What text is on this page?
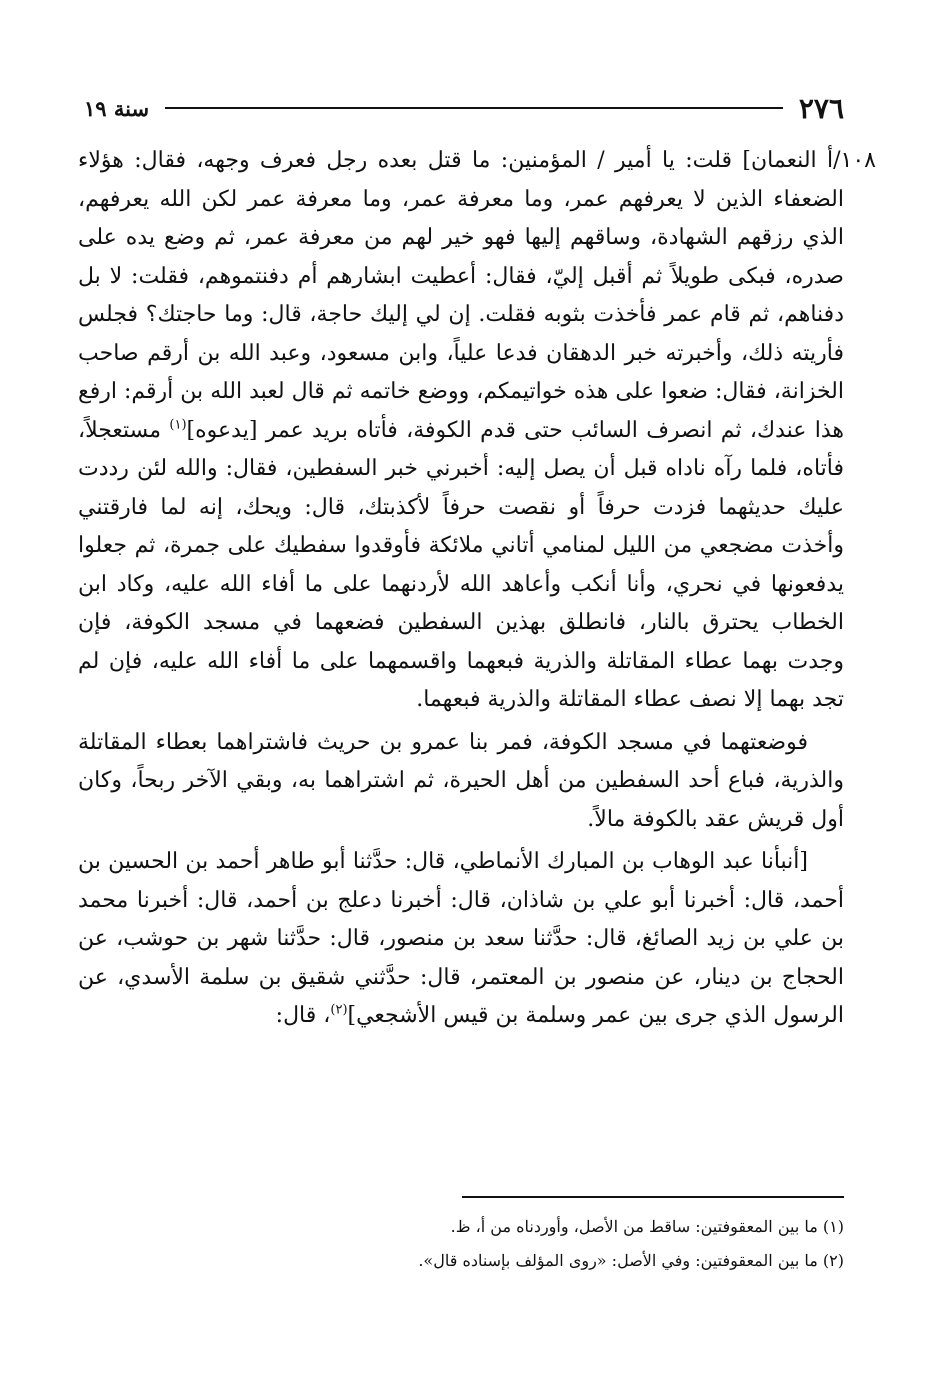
سنة ١٩	٢٧٦

١٠٨/أ النعمان] قلت: يا أمير / المؤمنين: ما قتل بعده رجل فعرف وجهه، فقال: هؤلاء الضعفاء الذين لا يعرفهم عمر، وما معرفة عمر، وما معرفة عمر لكن الله يعرفهم، الذي رزقهم الشهادة، وساقهم إليها فهو خير لهم من معرفة عمر، ثم وضع يده على صدره، فبكى طويلاً ثم أقبل إليّ، فقال: أعطيت ابشارهم أم دفنتموهم، فقلت: لا بل دفناهم، ثم قام عمر فأخذت بثوبه فقلت. إن لي إليك حاجة، قال: وما حاجتك؟ فجلس فأريته ذلك، وأخبرته خبر الدهقان فدعا علياً، وابن مسعود، وعبد الله بن أرقم صاحب الخزانة، فقال: ضعوا على هذه خواتيمكم، ووضع خاتمه ثم قال لعبد الله بن أرقم: ارفع هذا عندك، ثم انصرف السائب حتى قدم الكوفة، فأتاه بريد عمر [يدعوه]$^{(١)}$ مستعجلاً، فأتاه، فلما رآه ناداه قبل أن يصل إليه: أخبرني خبر السفطين، فقال: والله لئن رددت عليك حديثهما فزدت حرفاً أو نقصت حرفاً لأكذبتك، قال: ويحك، إنه لما فارقتني وأخذت مضجعي من الليل لمنامي أتاني ملائكة فأوقدوا سفطيك على جمرة، ثم جعلوا يدفعونها في نحري، وأنا أنكب وأعاهد الله لأردنهما على ما أفاء الله عليه، وكاد ابن الخطاب يحترق بالنار، فانطلق بهذين السفطين فضعهما في مسجد الكوفة، فإن وجدت بهما عطاء المقاتلة والذرية فبعهما واقسمهما على ما أفاء الله عليه، فإن لم تجد بهما إلا نصف عطاء المقاتلة والذرية فبعهما.

فوضعتهما في مسجد الكوفة، فمر بنا عمرو بن حريث فاشتراهما بعطاء المقاتلة والذرية، فباع أحد السفطين من أهل الحيرة، ثم اشتراهما به، وبقي الآخر ربحاً، وكان أول قريش عقد بالكوفة مالاً.

[أنبأنا عبد الوهاب بن المبارك الأنماطي، قال: حدَّثنا أبو طاهر أحمد بن الحسين بن أحمد، قال: أخبرنا أبو علي بن شاذان، قال: أخبرنا دعلج بن أحمد، قال: أخبرنا محمد بن علي بن زيد الصائغ، قال: حدَّثنا سعد بن منصور، قال: حدَّثنا شهر بن حوشب، عن الحجاج بن دينار، عن منصور بن المعتمر، قال: حدَّثني شقيق بن سلمة الأسدي، عن الرسول الذي جرى بين عمر وسلمة بن قيس الأشجعي]$^{(٢)}$، قال:

(١) ما بين المعقوفتين: ساقط من الأصل، وأوردناه من أ، ظ.
(٢) ما بين المعقوفتين: وفي الأصل: «روى المؤلف بإسناده قال».
